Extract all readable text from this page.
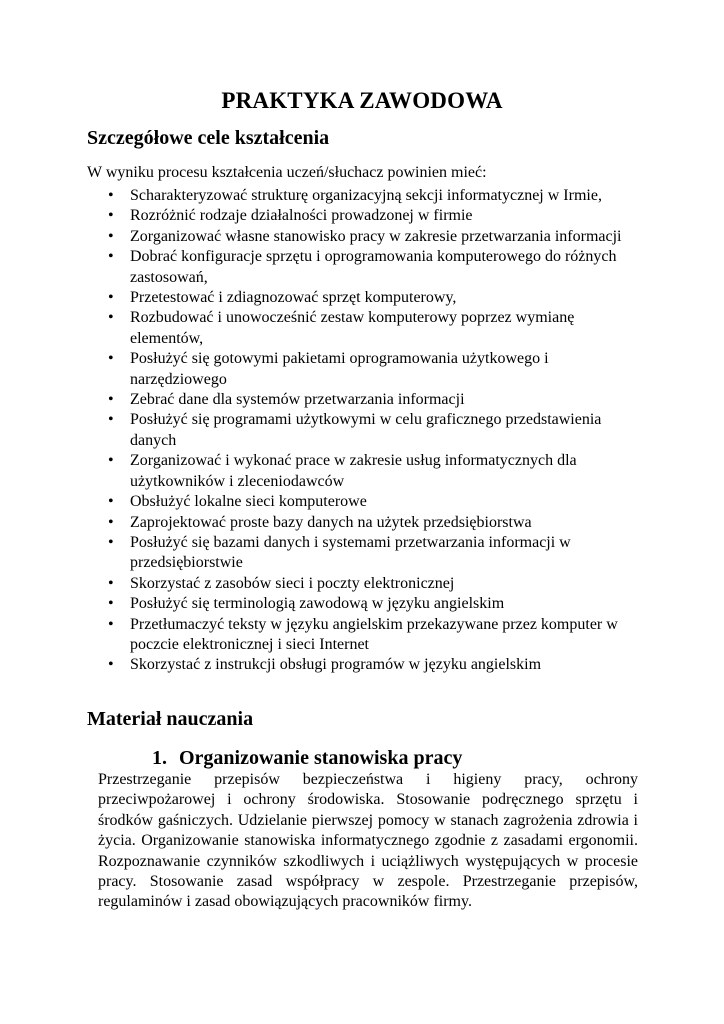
PRAKTYKA ZAWODOWA
Szczegółowe cele kształcenia
W wyniku procesu kształcenia uczeń/słuchacz powinien mieć:
• Scharakteryzować strukturę organizacyjną sekcji informatycznej w Irmie,
• Rozróżnić rodzaje działalności prowadzonej w firmie
• Zorganizować własne stanowisko pracy w zakresie przetwarzania informacji
• Dobrać konfiguracje sprzętu i oprogramowania komputerowego do różnych zastosowań,
• Przetestować i zdiagnozować sprzęt komputerowy,
• Rozbudować i unowocześnić zestaw komputerowy poprzez wymianę elementów,
• Posłużyć się gotowymi pakietami oprogramowania użytkowego i narzędziowego
• Zebrać dane dla systemów przetwarzania informacji
• Posłużyć się programami użytkowymi w celu graficznego przedstawienia danych
• Zorganizować i wykonać prace w zakresie usług informatycznych dla użytkowników i zleceniodawców
• Obsłużyć lokalne sieci komputerowe
• Zaprojektować proste bazy danych na użytek przedsiębiorstwa
• Posłużyć się bazami danych i systemami przetwarzania informacji w przedsiębiorstwie
• Skorzystać z zasobów sieci i poczty elektronicznej
• Posłużyć się terminologią zawodową w języku angielskim
• Przetłumaczyć teksty w języku angielskim przekazywane przez komputer w poczcie elektronicznej i sieci Internet
• Skorzystać z instrukcji obsługi programów w języku angielskim
Materiał nauczania
1. Organizowanie stanowiska pracy
Przestrzeganie przepisów bezpieczeństwa i higieny pracy, ochrony przeciwpożarowej i ochrony środowiska. Stosowanie podręcznego sprzętu i środków gaśniczych. Udzielanie pierwszej pomocy w stanach zagrożenia zdrowia i życia. Organizowanie stanowiska informatycznego zgodnie z zasadami ergonomii. Rozpoznawanie czynników szkodliwych i uciążliwych występujących w procesie pracy. Stosowanie zasad współpracy w zespole. Przestrzeganie przepisów, regulaminów i zasad obowiązujących pracowników firmy.
